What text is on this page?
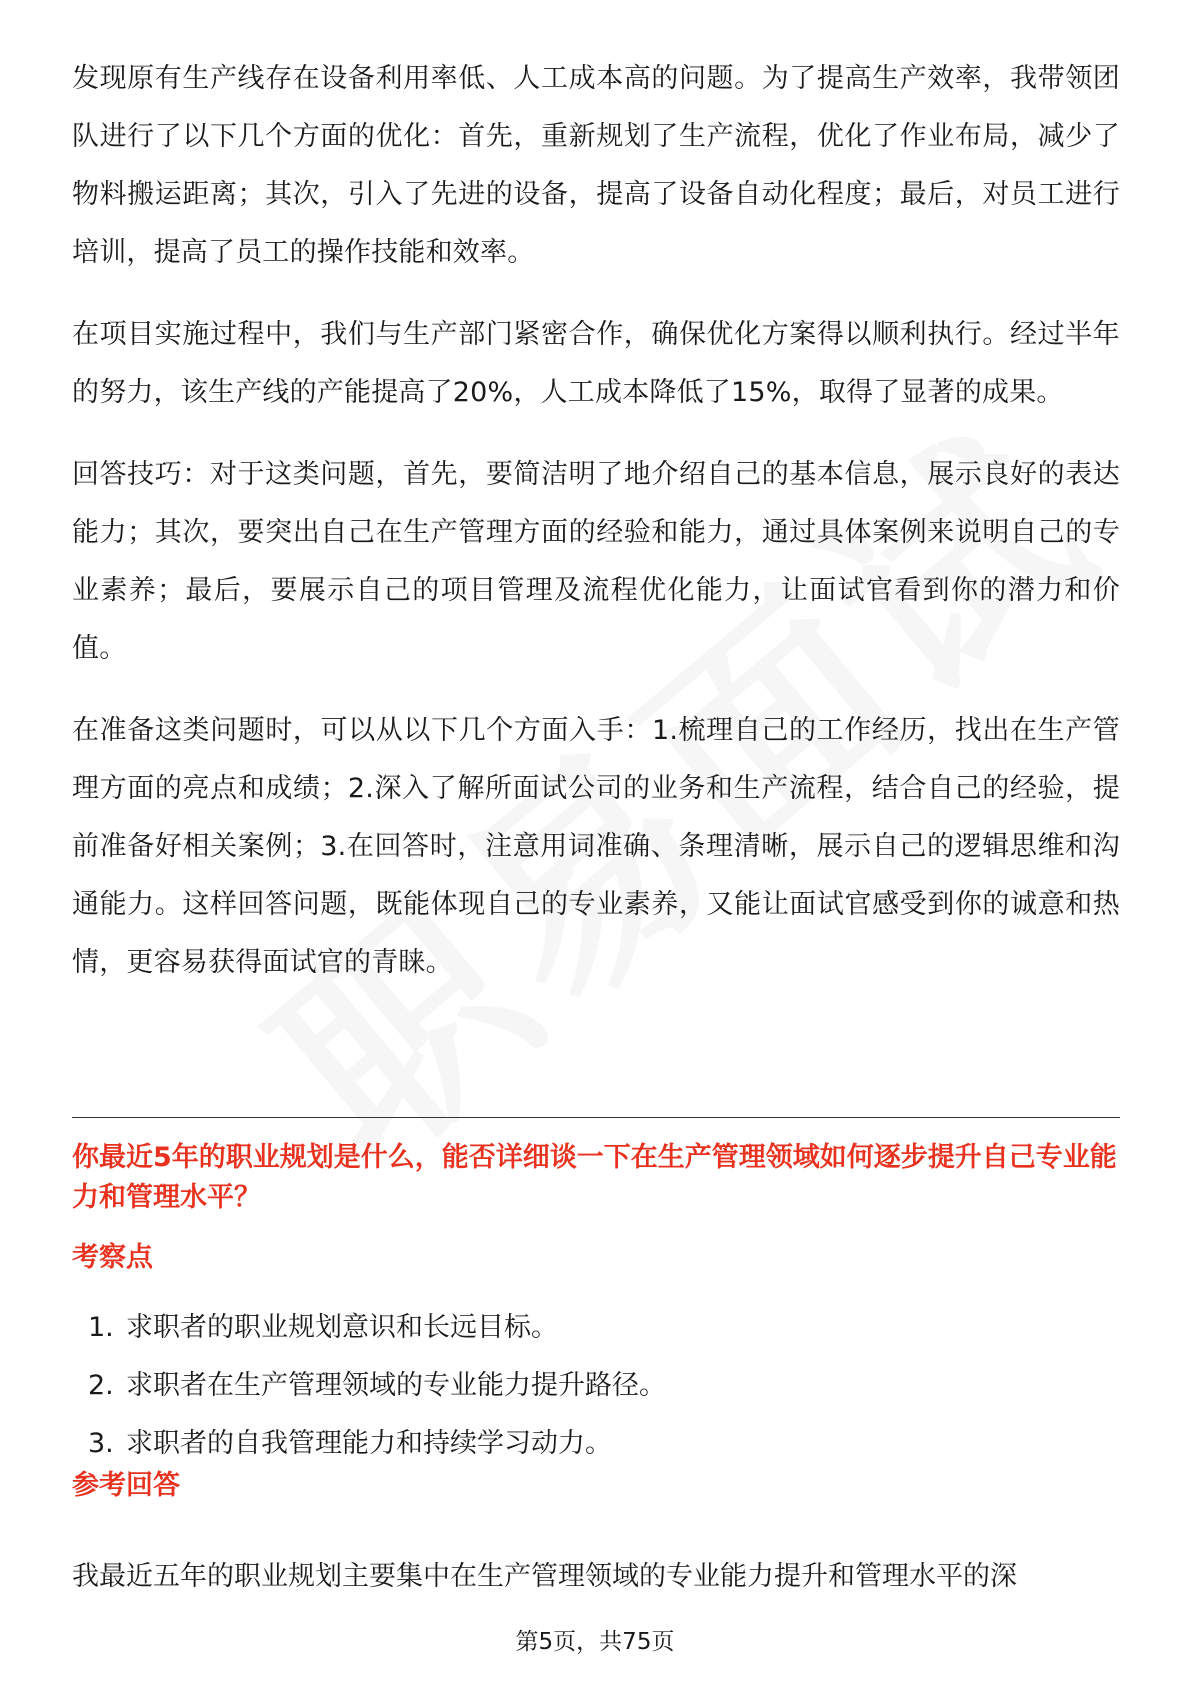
发现原有生产线存在设备利用率低、人工成本高的问题。为了提高生产效率，我带领团队进行了以下几个方面的优化：首先，重新规划了生产流程，优化了作业布局，减少了物料搬运距离；其次，引入了先进的设备，提高了设备自动化程度；最后，对员工进行培训，提高了员工的操作技能和效率。

在项目实施过程中，我们与生产部门紧密合作，确保优化方案得以顺利执行。经过半年的努力，该生产线的产能提高了20%，人工成本降低了15%，取得了显著的成果。

回答技巧：对于这类问题，首先，要简洁明了地介绍自己的基本信息，展示良好的表达能力；其次，要突出自己在生产管理方面的经验和能力，通过具体案例来说明自己的专业素养；最后，要展示自己的项目管理及流程优化能力，让面试官看到你的潜力和价值。

在准备这类问题时，可以从以下几个方面入手：1.梳理自己的工作经历，找出在生产管理方面的亮点和成绩；2.深入了解所面试公司的业务和生产流程，结合自己的经验，提前准备好相关案例；3.在回答时，注意用词准确、条理清晰，展示自己的逻辑思维和沟通能力。这样回答问题，既能体现自己的专业素养，又能让面试官感受到你的诚意和热情，更容易获得面试官的青睐。

你最近5年的职业规划是什么，能否详细谈一下在生产管理领域如何逐步提升自己专业能力和管理水平？
考察点
1. 求职者的职业规划意识和长远目标。
2. 求职者在生产管理领域的专业能力提升路径。
3. 求职者的自我管理能力和持续学习动力。
参考回答

我最近五年的职业规划主要集中在生产管理领域的专业能力提升和管理水平的深

第5页，共75页
